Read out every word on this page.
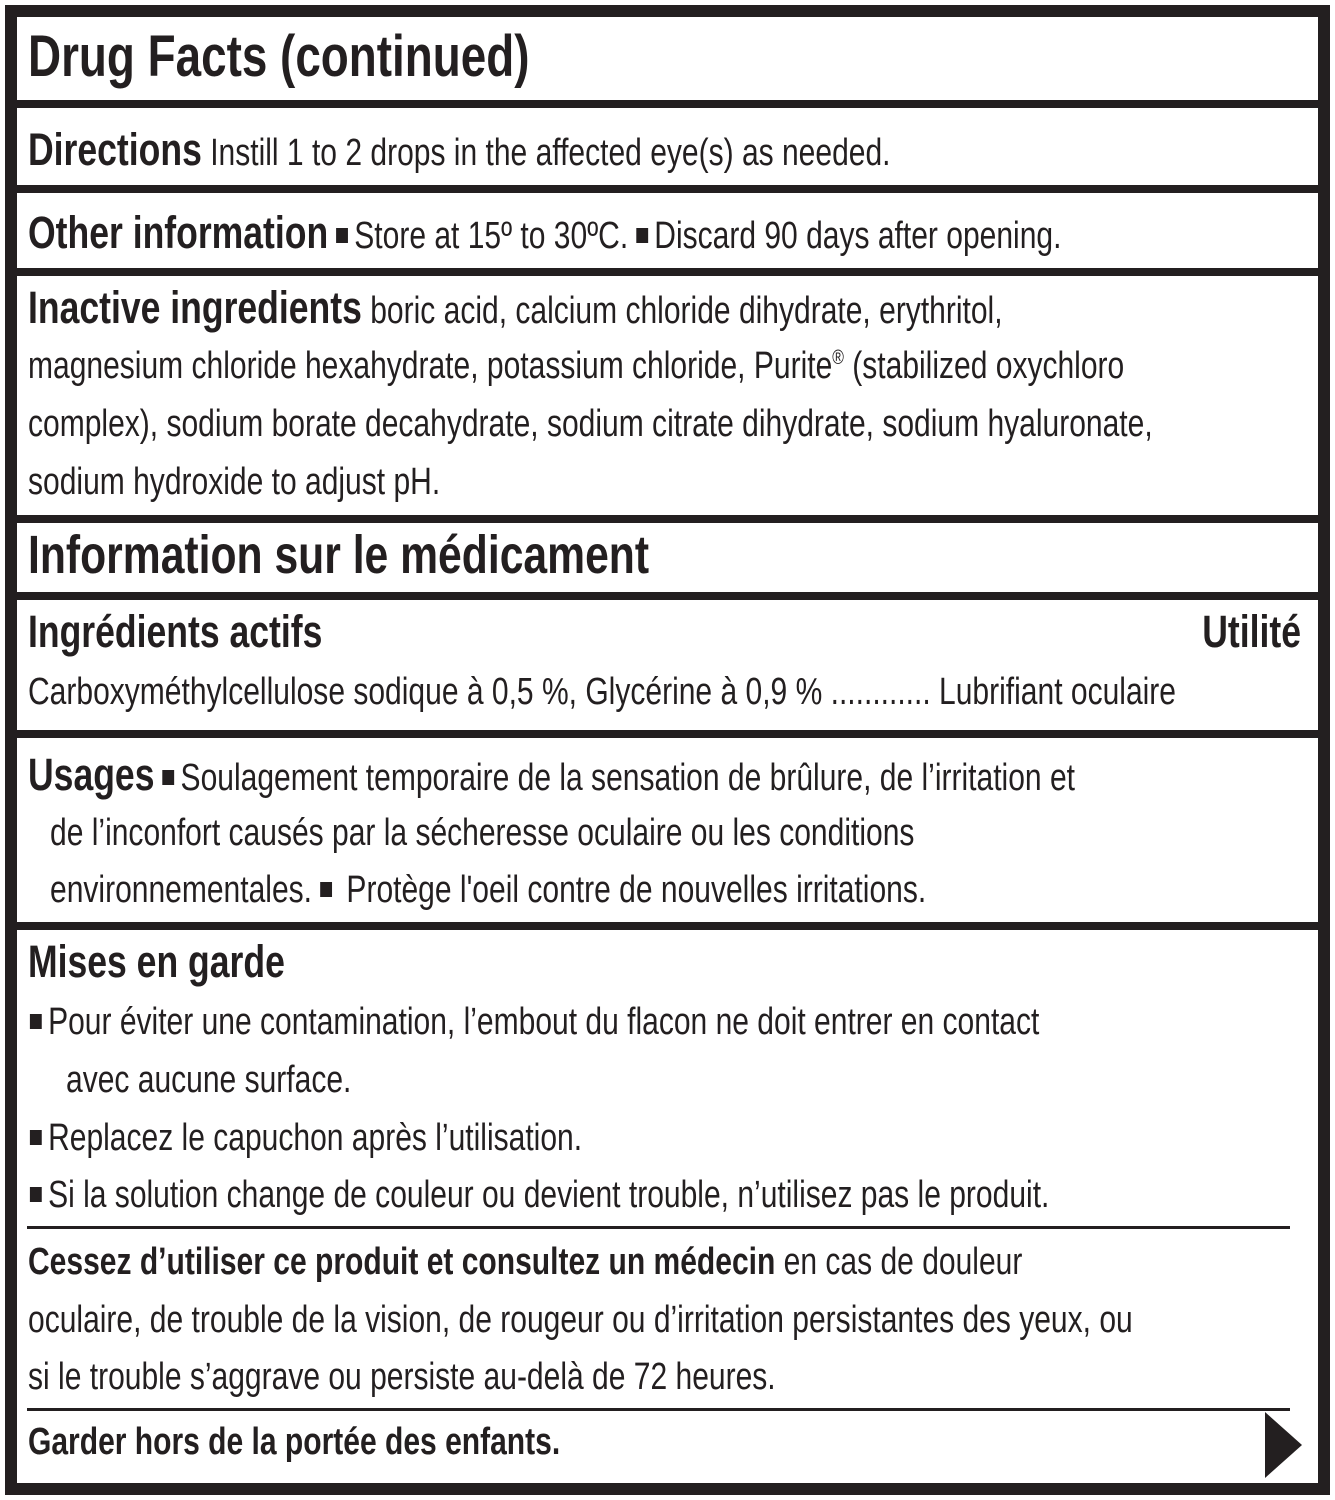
Drug Facts (continued)
Directions Instill 1 to 2 drops in the affected eye(s) as needed.
Other information Store at 15º to 30ºC. Discard 90 days after opening.
Inactive ingredients boric acid, calcium chloride dihydrate, erythritol,
magnesium chloride hexahydrate, potassium chloride, Purite® (stabilized oxychloro
complex), sodium borate decahydrate, sodium citrate dihydrate, sodium hyaluronate,
sodium hydroxide to adjust pH.
Information sur le médicament
Ingrédients actifs	Utilité
Carboxyméthylcellulose sodique à 0,5 %, Glycérine à 0,9 % ............ Lubrifiant oculaire
Usages Soulagement temporaire de la sensation de brûlure, de l’irritation et
de l’inconfort causés par la sécheresse oculaire ou les conditions
environnementales. Protège l'oeil contre de nouvelles irritations.
Mises en garde
Pour éviter une contamination, l’embout du flacon ne doit entrer en contact
avec aucune surface.
Replacez le capuchon après l’utilisation.
Si la solution change de couleur ou devient trouble, n’utilisez pas le produit.
Cessez d’utiliser ce produit et consultez un médecin en cas de douleur
oculaire, de trouble de la vision, de rougeur ou d’irritation persistantes des yeux, ou
si le trouble s’aggrave ou persiste au-delà de 72 heures.
Garder hors de la portée des enfants.
